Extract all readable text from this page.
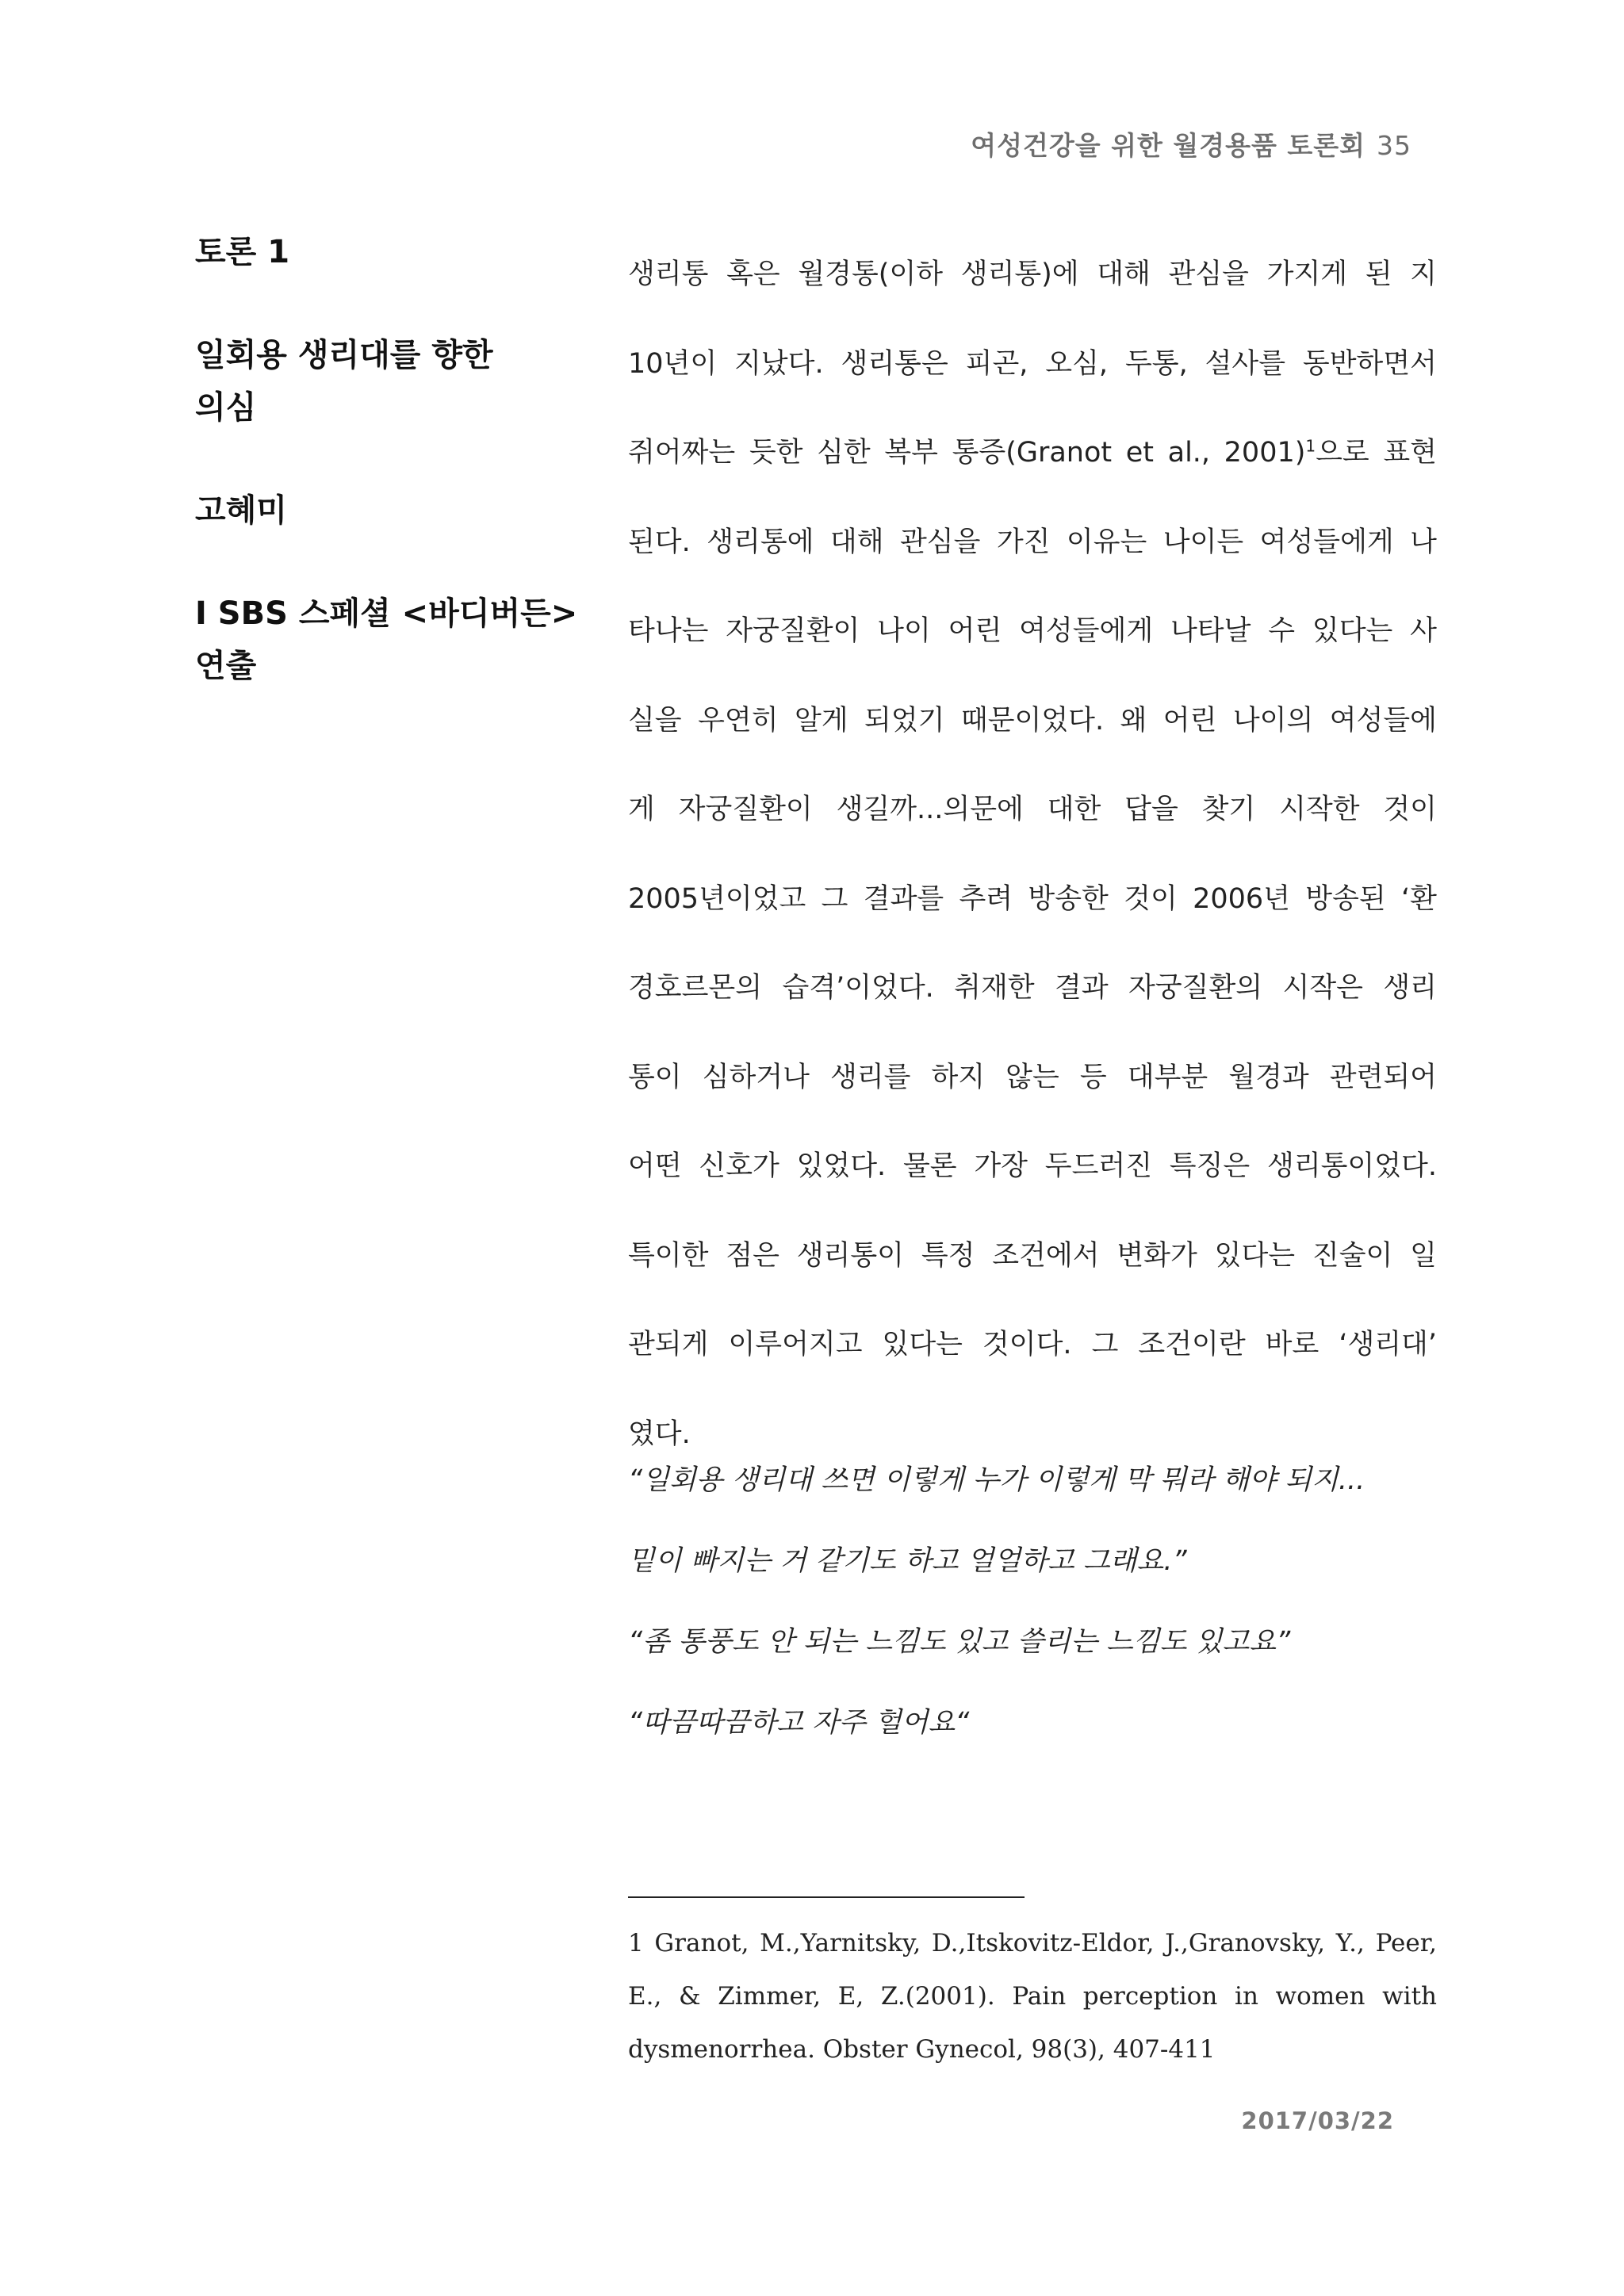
여성건강을 위한 월경용품 토론회 35
토론 1
일회용 생리대를 향한
의심
고혜미
I SBS 스페셜 <바디버든>
연출
생리통 혹은 월경통(이하 생리통)에 대해 관심을 가지게 된 지
10년이 지났다. 생리통은 피곤, 오심, 두통, 설사를 동반하면서
쥐어짜는 듯한 심한 복부 통증(Granot et al., 2001)$^1$으로 표현
된다. 생리통에 대해 관심을 가진 이유는 나이든 여성들에게 나
타나는 자궁질환이 나이 어린 여성들에게 나타날 수 있다는 사
실을 우연히 알게 되었기 때문이었다. 왜 어린 나이의 여성들에
게 자궁질환이 생길까...의문에 대한 답을 찾기 시작한 것이
2005년이었고 그 결과를 추려 방송한 것이 2006년 방송된 ‘환
경호르몬의 습격’이었다. 취재한 결과 자궁질환의 시작은 생리
통이 심하거나 생리를 하지 않는 등 대부분 월경과 관련되어
어떤 신호가 있었다. 물론 가장 두드러진 특징은 생리통이었다.
특이한 점은 생리통이 특정 조건에서 변화가 있다는 진술이 일
관되게 이루어지고 있다는 것이다. 그 조건이란 바로 ‘생리대’
였다.
“일회용 생리대 쓰면 이렇게 누가 이렇게 막 뭐라 해야 되지...
밑이 빠지는 거 같기도 하고 얼얼하고 그래요.”
“좀 통풍도 안 되는 느낌도 있고 쓸리는 느낌도 있고요”
“따끔따끔하고 자주 헐어요“
1 Granot, M.,Yarnitsky, D.,Itskovitz-Eldor, J.,Granovsky, Y., Peer,
E., & Zimmer, E, Z.(2001). Pain perception in women with
dysmenorrhea. Obster Gynecol, 98(3), 407-411
2017/03/22
